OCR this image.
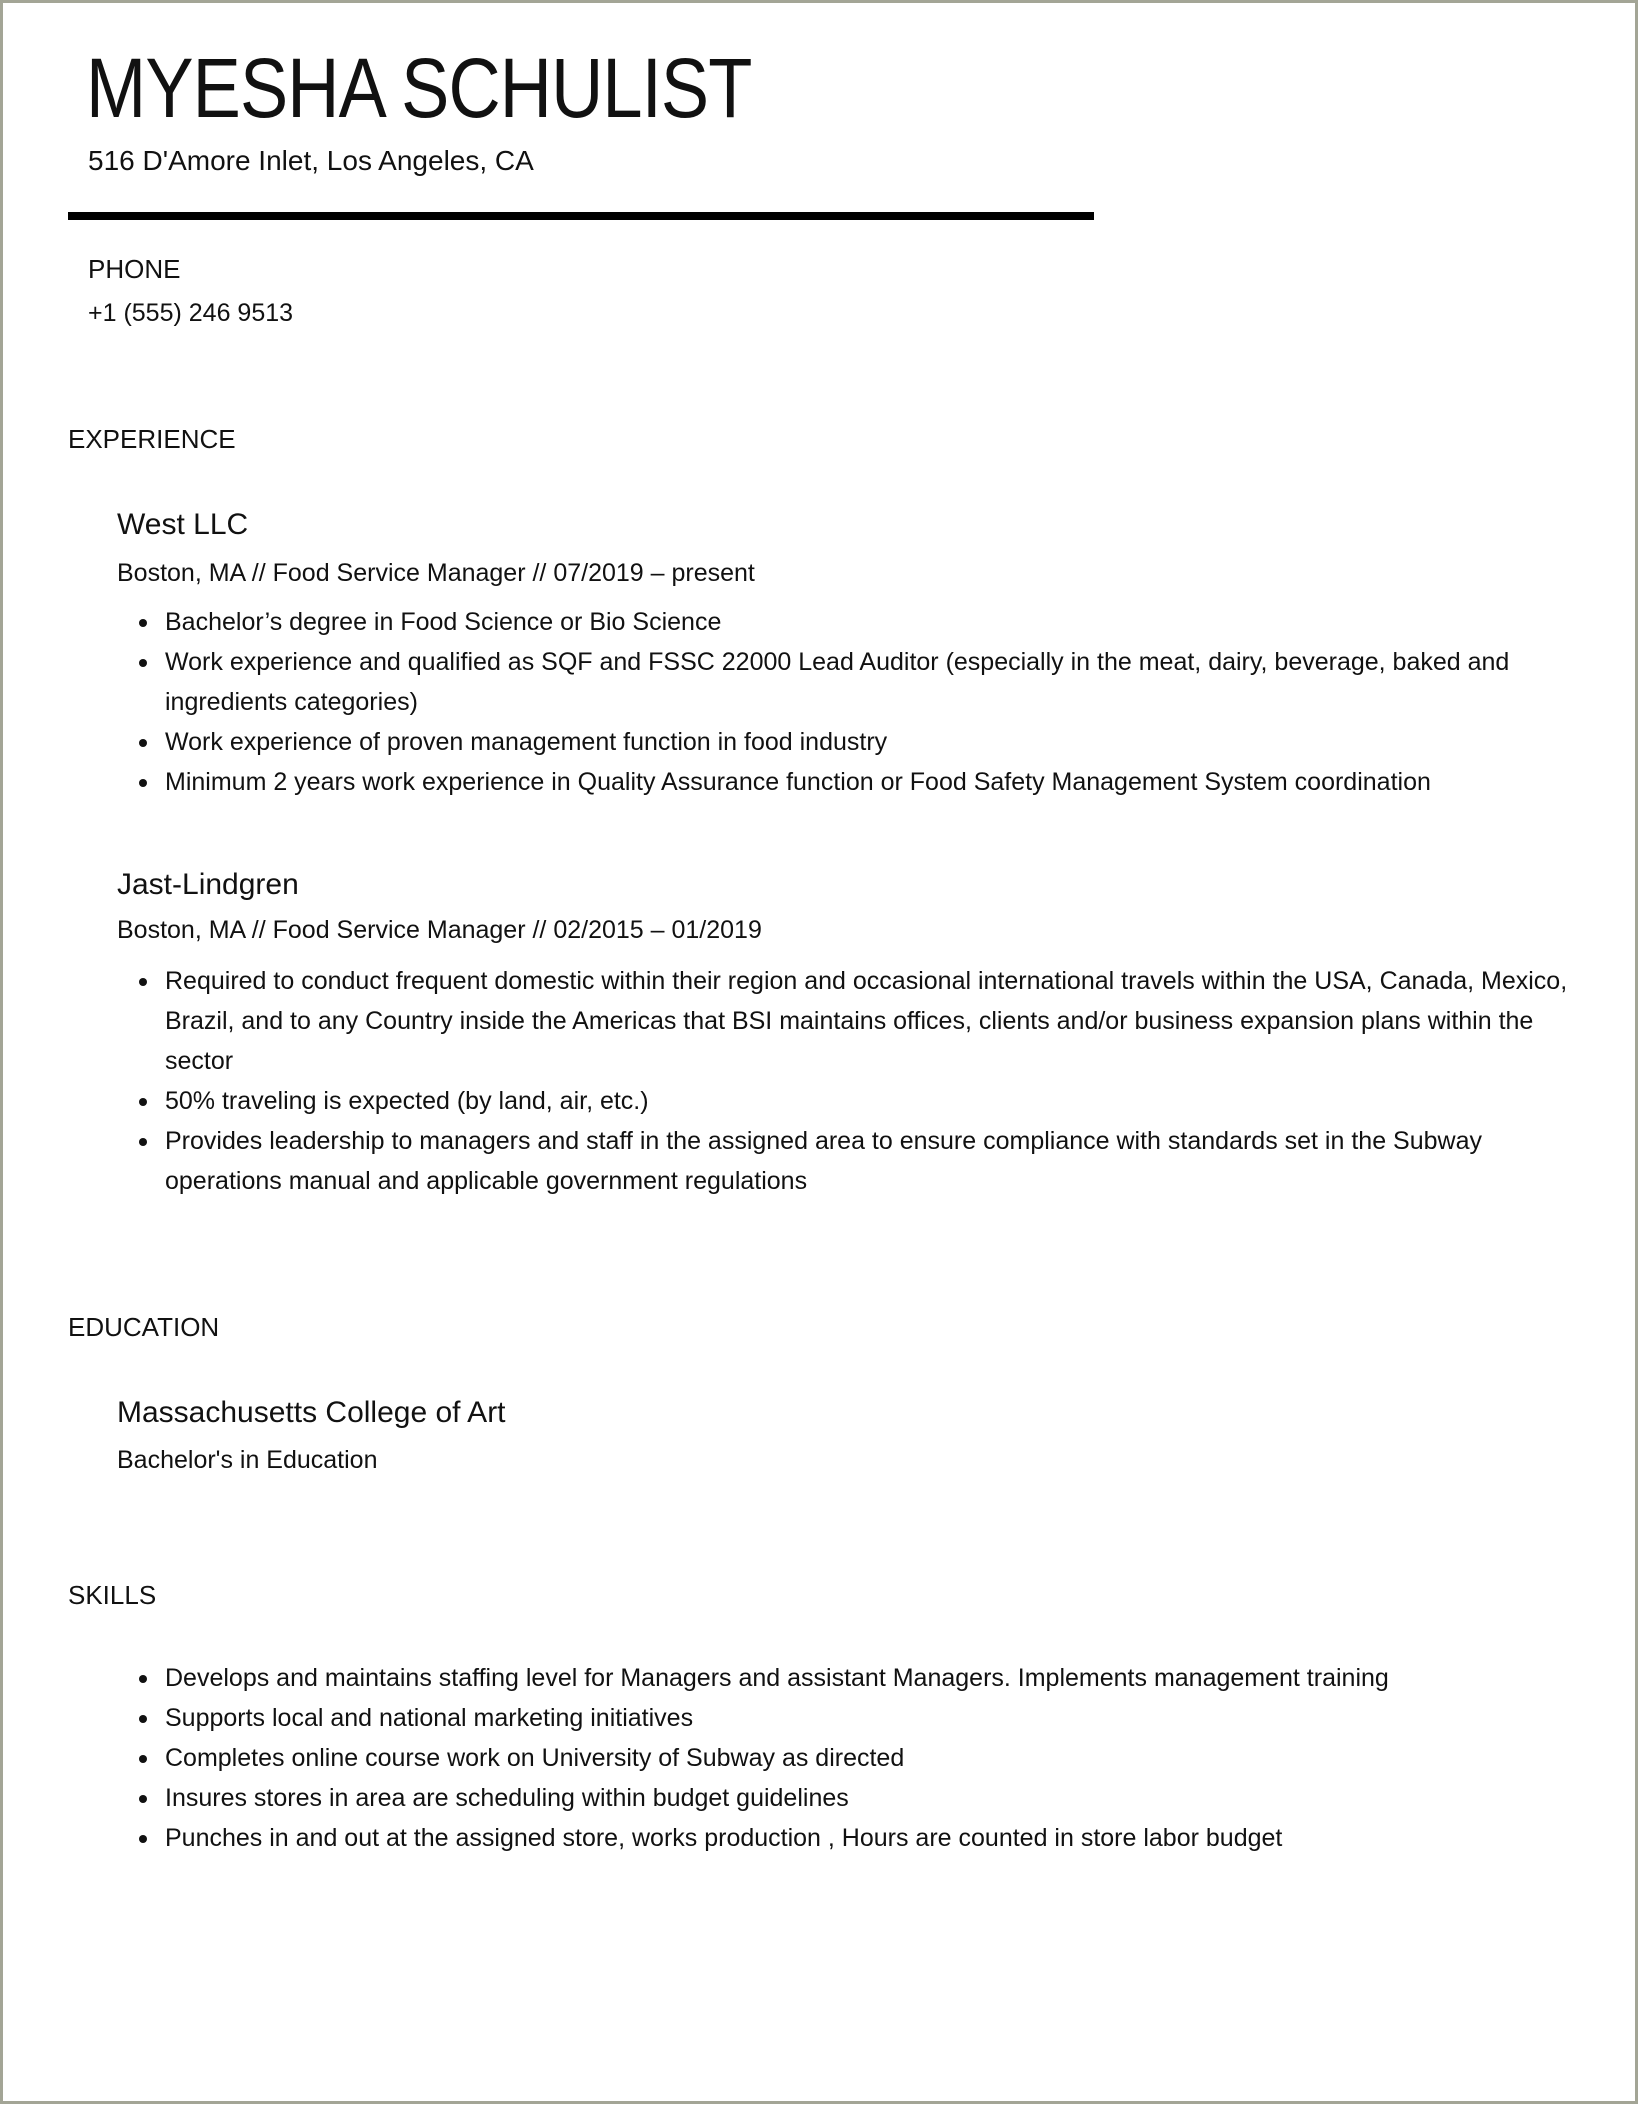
MYESHA SCHULIST
516 D'Amore Inlet, Los Angeles, CA
PHONE
+1 (555) 246 9513
EXPERIENCE
West LLC
Boston, MA // Food Service Manager // 07/2019 – present
Bachelor’s degree in Food Science or Bio Science
Work experience and qualified as SQF and FSSC 22000 Lead Auditor (especially in the meat, dairy, beverage, baked and ingredients categories)
Work experience of proven management function in food industry
Minimum 2 years work experience in Quality Assurance function or Food Safety Management System coordination
Jast-Lindgren
Boston, MA // Food Service Manager // 02/2015 – 01/2019
Required to conduct frequent domestic within their region and occasional international travels within the USA, Canada, Mexico, Brazil, and to any Country inside the Americas that BSI maintains offices, clients and/or business expansion plans within the sector
50% traveling is expected (by land, air, etc.)
Provides leadership to managers and staff in the assigned area to ensure compliance with standards set in the Subway operations manual and applicable government regulations
EDUCATION
Massachusetts College of Art
Bachelor's in Education
SKILLS
Develops and maintains staffing level for Managers and assistant Managers. Implements management training
Supports local and national marketing initiatives
Completes online course work on University of Subway as directed
Insures stores in area are scheduling within budget guidelines
Punches in and out at the assigned store, works production , Hours are counted in store labor budget
